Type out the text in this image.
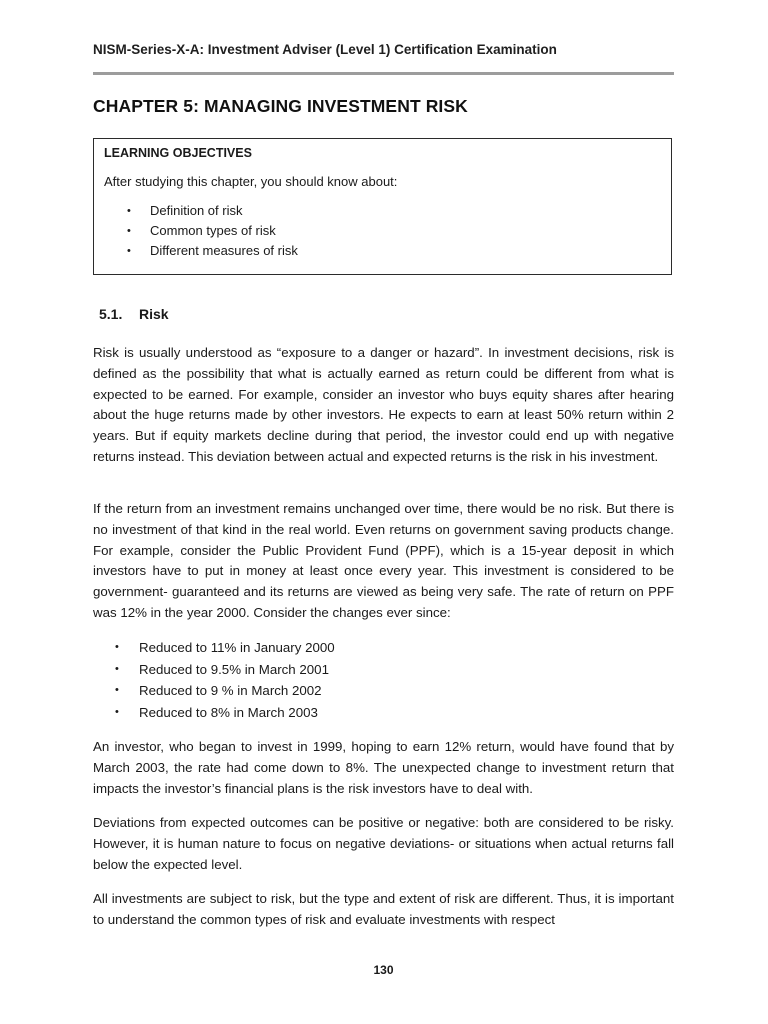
NISM-Series-X-A: Investment Adviser (Level 1) Certification Examination
CHAPTER 5: MANAGING INVESTMENT RISK
LEARNING OBJECTIVES
After studying this chapter, you should know about:
• Definition of risk
• Common types of risk
• Different measures of risk
5.1. Risk

Risk is usually understood as “exposure to a danger or hazard”. In investment decisions, risk is defined as the possibility that what is actually earned as return could be different from what is expected to be earned. For example, consider an investor who buys equity shares after hearing about the huge returns made by other investors. He expects to earn at least 50% return within 2 years. But if equity markets decline during that period, the investor could end up with negative returns instead. This deviation between actual and expected returns is the risk in his investment.

If the return from an investment remains unchanged over time, there would be no risk. But there is no investment of that kind in the real world. Even returns on government saving products change. For example, consider the Public Provident Fund (PPF), which is a 15-year deposit in which investors have to put in money at least once every year. This investment is considered to be government- guaranteed and its returns are viewed as being very safe. The rate of return on PPF was 12% in the year 2000. Consider the changes ever since:

• Reduced to 11% in January 2000
• Reduced to 9.5% in March 2001
• Reduced to 9 % in March 2002
• Reduced to 8% in March 2003

An investor, who began to invest in 1999, hoping to earn 12% return, would have found that by March 2003, the rate had come down to 8%. The unexpected change to investment return that impacts the investor’s financial plans is the risk investors have to deal with.

Deviations from expected outcomes can be positive or negative: both are considered to be risky. However, it is human nature to focus on negative deviations- or situations when actual returns fall below the expected level.

All investments are subject to risk, but the type and extent of risk are different. Thus, it is important to understand the common types of risk and evaluate investments with respect

130
